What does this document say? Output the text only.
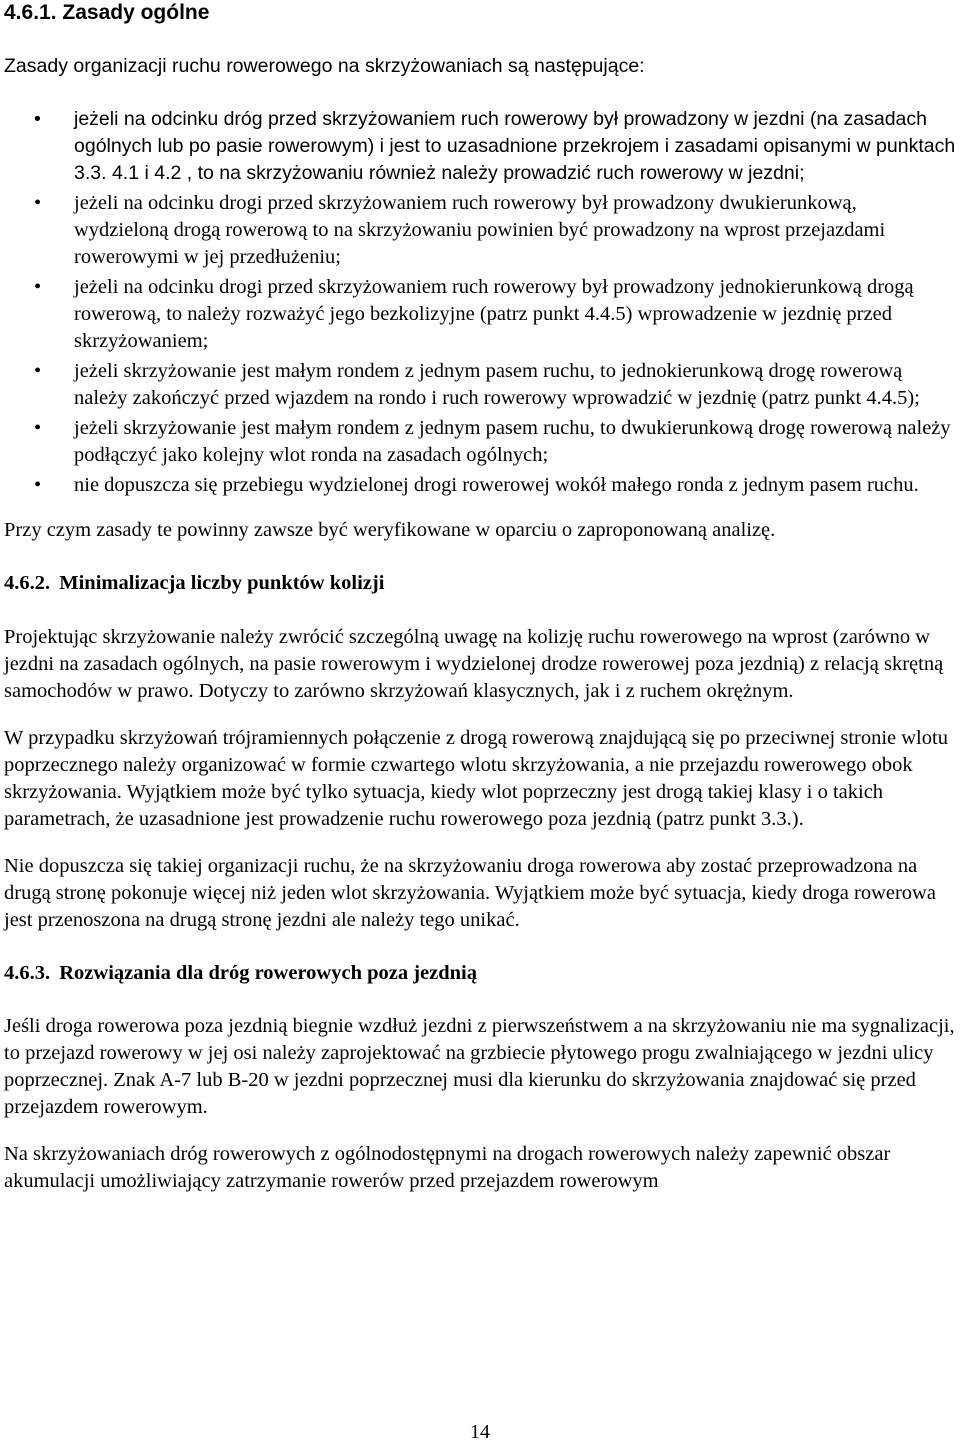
4.6.1. Zasady ogólne

Zasady organizacji ruchu rowerowego na skrzyżowaniach są następujące:

• jeżeli na odcinku dróg przed skrzyżowaniem ruch rowerowy był prowadzony w jezdni (na zasadach ogólnych lub po pasie rowerowym) i jest to uzasadnione przekrojem i zasadami opisanymi w punktach 3.3. 4.1 i 4.2 , to na skrzyżowaniu również należy prowadzić ruch rowerowy w jezdni;
• jeżeli na odcinku drogi przed skrzyżowaniem ruch rowerowy był prowadzony dwukierunkową, wydzieloną drogą rowerową to na skrzyżowaniu powinien być prowadzony na wprost przejazdami rowerowymi w jej przedłużeniu;
• jeżeli na odcinku drogi przed skrzyżowaniem ruch rowerowy był prowadzony jednokierunkową drogą rowerową, to należy rozważyć jego bezkolizyjne (patrz punkt 4.4.5) wprowadzenie w jezdnię przed skrzyżowaniem;
• jeżeli skrzyżowanie jest małym rondem z jednym pasem ruchu, to jednokierunkową drogę rowerową należy zakończyć przed wjazdem na rondo i ruch rowerowy wprowadzić w jezdnię (patrz punkt 4.4.5);
• jeżeli skrzyżowanie jest małym rondem z jednym pasem ruchu, to dwukierunkową drogę rowerową należy podłączyć jako kolejny wlot ronda na zasadach ogólnych;
• nie dopuszcza się przebiegu wydzielonej drogi rowerowej wokół małego ronda z jednym pasem ruchu.

Przy czym zasady te powinny zawsze być weryfikowane w oparciu o zaproponowaną analizę.

4.6.2. Minimalizacja liczby punktów kolizji

Projektując skrzyżowanie należy zwrócić szczególną uwagę na kolizję ruchu rowerowego na wprost (zarówno w jezdni na zasadach ogólnych, na pasie rowerowym i wydzielonej drodze rowerowej poza jezdnią) z relacją skrętną samochodów w prawo. Dotyczy to zarówno skrzyżowań klasycznych, jak i z ruchem okrężnym.

W przypadku skrzyżowań trójramiennych połączenie z drogą rowerową znajdującą się po przeciwnej stronie wlotu poprzecznego należy organizować w formie czwartego wlotu skrzyżowania, a nie przejazdu rowerowego obok skrzyżowania. Wyjątkiem może być tylko sytuacja, kiedy wlot poprzeczny jest drogą takiej klasy i o takich parametrach, że uzasadnione jest prowadzenie ruchu rowerowego poza jezdnią (patrz punkt 3.3.).

Nie dopuszcza się takiej organizacji ruchu, że na skrzyżowaniu droga rowerowa aby zostać przeprowadzona na drugą stronę pokonuje więcej niż jeden wlot skrzyżowania. Wyjątkiem może być sytuacja, kiedy droga rowerowa jest przenoszona na drugą stronę jezdni ale należy tego unikać.

4.6.3. Rozwiązania dla dróg rowerowych poza jezdnią

Jeśli droga rowerowa poza jezdnią biegnie wzdłuż jezdni z pierwszeństwem a na skrzyżowaniu nie ma sygnalizacji, to przejazd rowerowy w jej osi należy zaprojektować na grzbiecie płytowego progu zwalniającego w jezdni ulicy poprzecznej. Znak A-7 lub B-20 w jezdni poprzecznej musi dla kierunku do skrzyżowania znajdować się przed przejazdem rowerowym.

Na skrzyżowaniach dróg rowerowych z ogólnodostępnymi na drogach rowerowych należy zapewnić obszar akumulacji umożliwiający zatrzymanie rowerów przed przejazdem rowerowym

14
